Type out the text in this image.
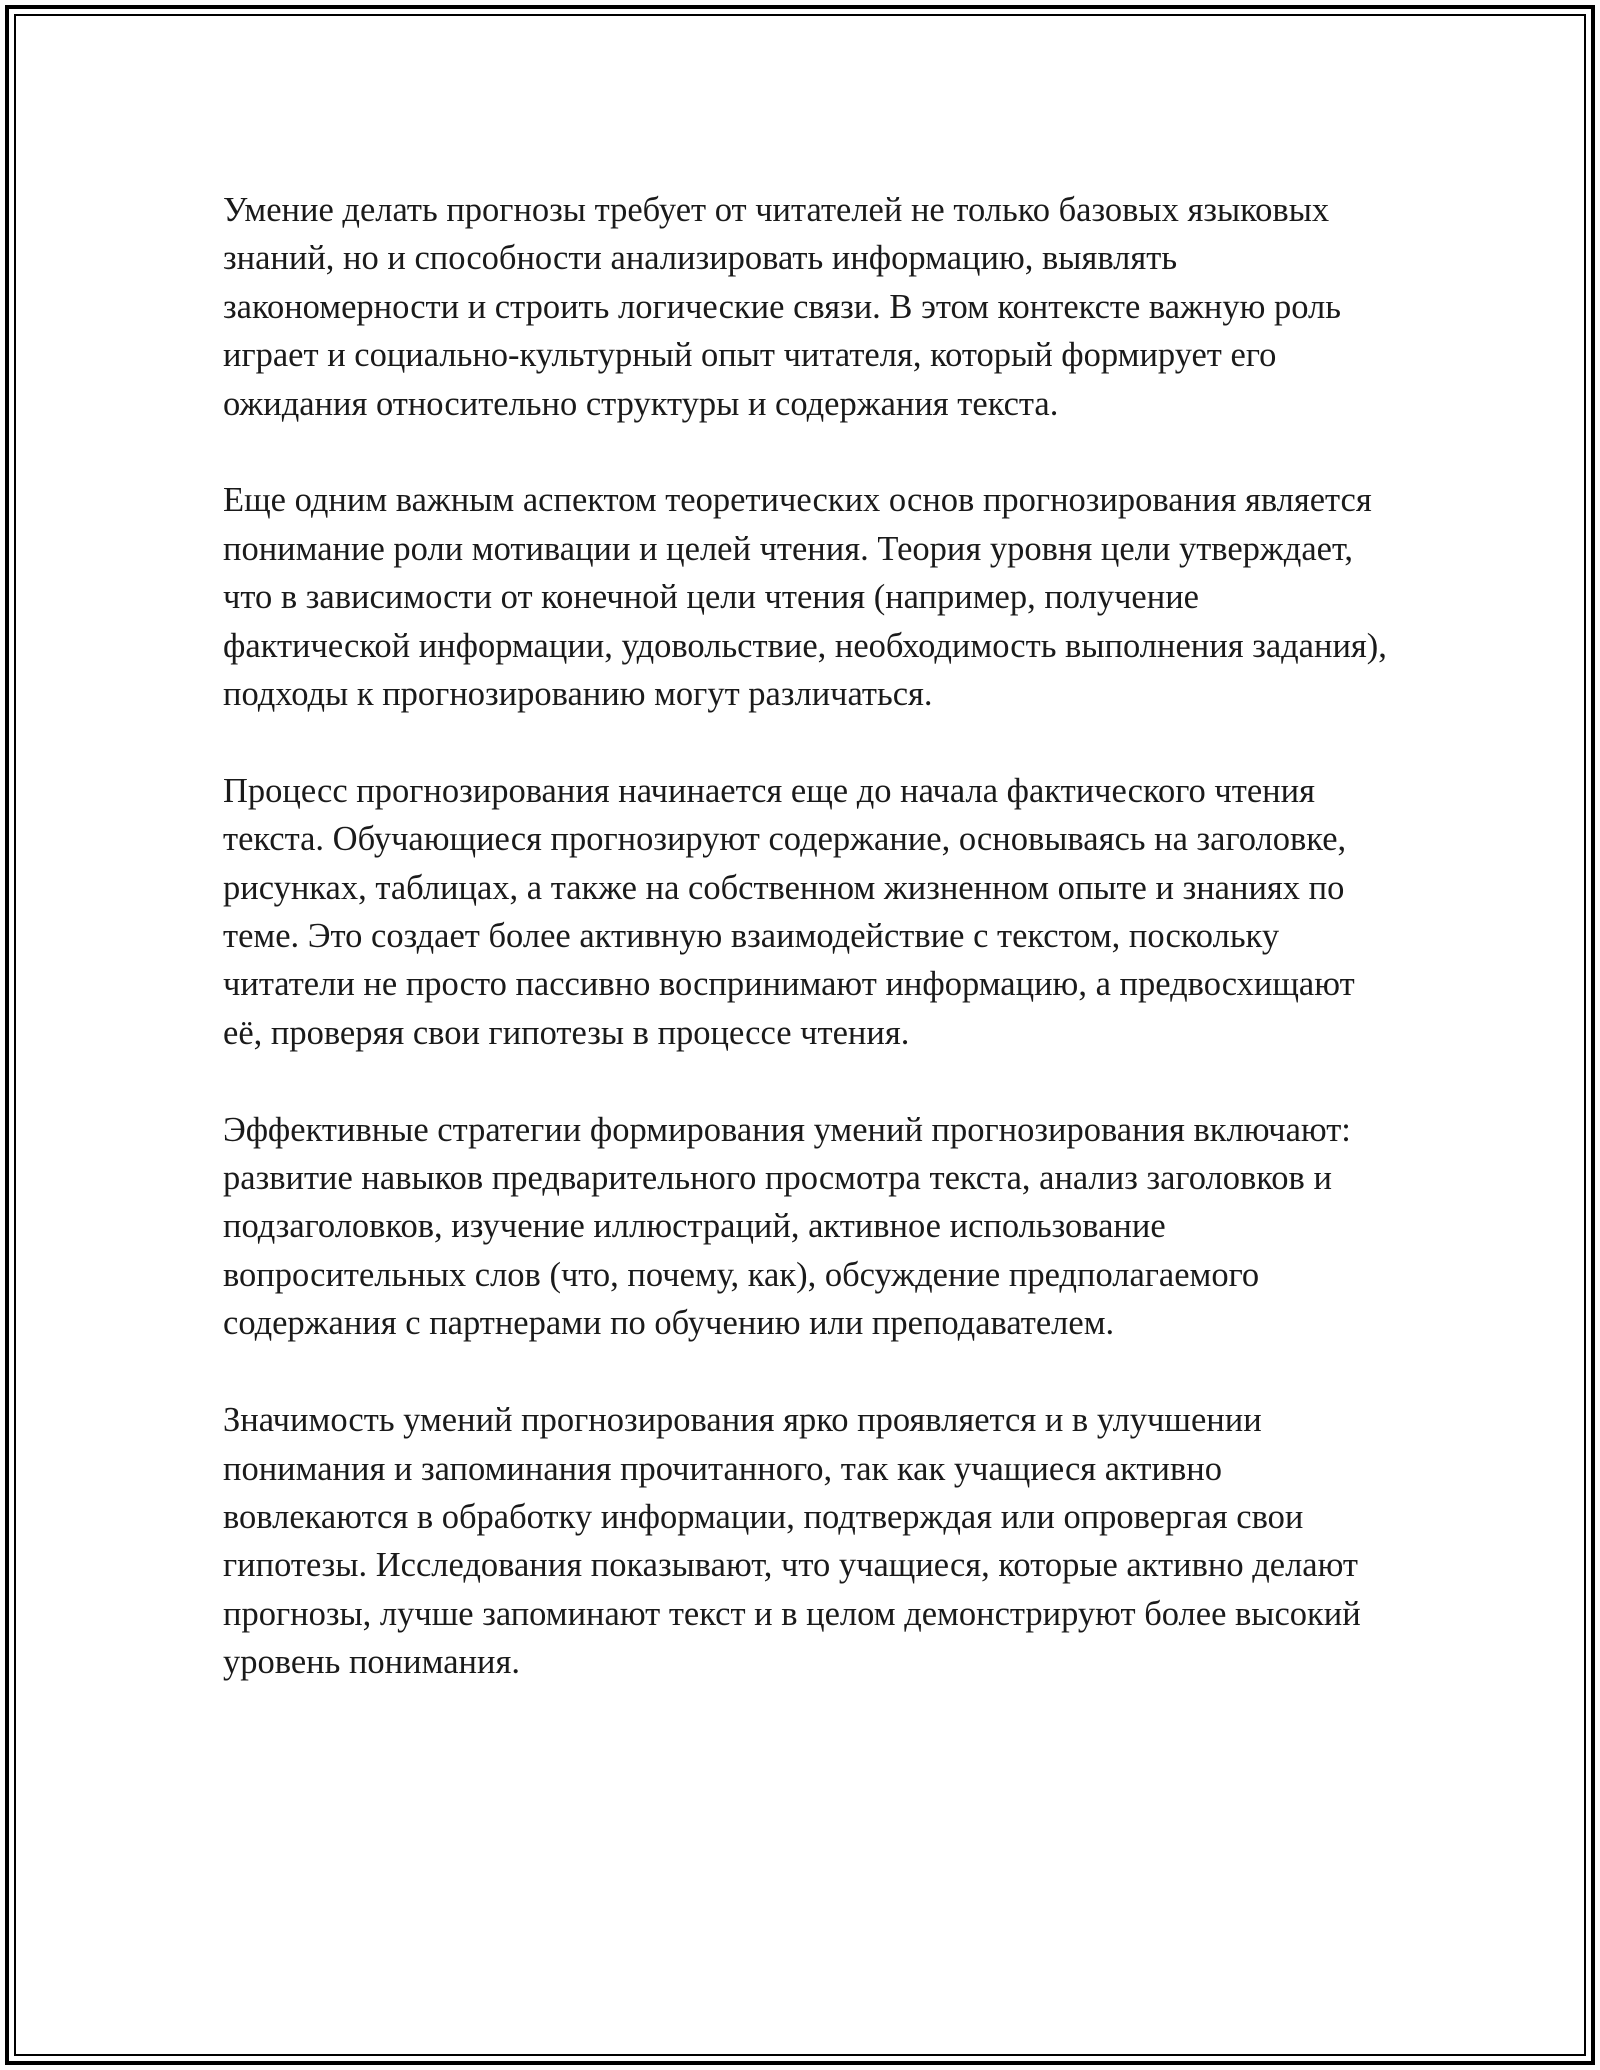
Умение делать прогнозы требует от читателей не только базовых языковых знаний, но и способности анализировать информацию, выявлять закономерности и строить логические связи. В этом контексте важную роль играет и социально-культурный опыт читателя, который формирует его ожидания относительно структуры и содержания текста.

Еще одним важным аспектом теоретических основ прогнозирования является понимание роли мотивации и целей чтения. Теория уровня цели утверждает, что в зависимости от конечной цели чтения (например, получение фактической информации, удовольствие, необходимость выполнения задания), подходы к прогнозированию могут различаться.

Процесс прогнозирования начинается еще до начала фактического чтения текста. Обучающиеся прогнозируют содержание, основываясь на заголовке, рисунках, таблицах, а также на собственном жизненном опыте и знаниях по теме. Это создает более активную взаимодействие с текстом, поскольку читатели не просто пассивно воспринимают информацию, а предвосхищают её, проверяя свои гипотезы в процессе чтения.

Эффективные стратегии формирования умений прогнозирования включают: развитие навыков предварительного просмотра текста, анализ заголовков и подзаголовков, изучение иллюстраций, активное использование вопросительных слов (что, почему, как), обсуждение предполагаемого содержания с партнерами по обучению или преподавателем.

Значимость умений прогнозирования ярко проявляется и в улучшении понимания и запоминания прочитанного, так как учащиеся активно вовлекаются в обработку информации, подтверждая или опровергая свои гипотезы. Исследования показывают, что учащиеся, которые активно делают прогнозы, лучше запоминают текст и в целом демонстрируют более высокий уровень понимания.
